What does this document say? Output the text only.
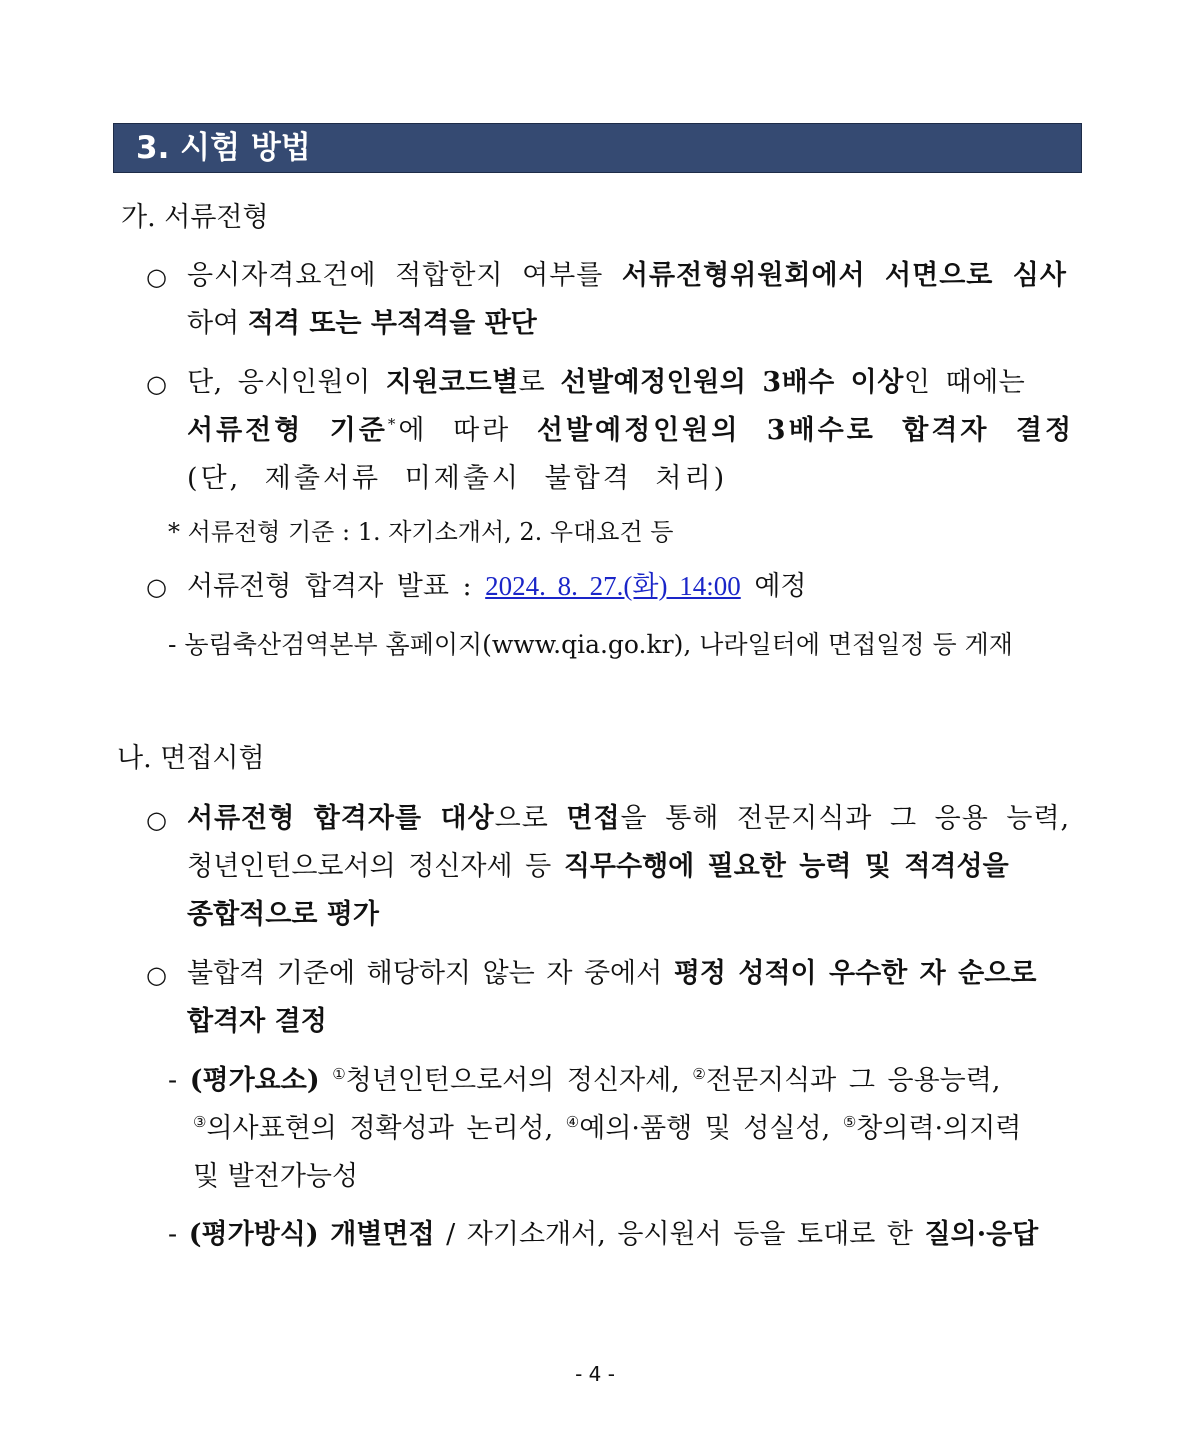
3. 시험 방법
가. 서류전형
○ 응시자격요건에 적합한지 여부를 서류전형위원회에서 서면으로 심사
하여 적격 또는 부적격을 판단
○ 단, 응시인원이 지원코드별로 선발예정인원의 3배수 이상인 때에는
서류전형 기준*에 따라 선발예정인원의 3배수로 합격자 결정
(단, 제출서류 미제출시 불합격 처리)
* 서류전형 기준 : 1. 자기소개서, 2. 우대요건 등
○ 서류전형 합격자 발표 : 2024. 8. 27.(화) 14:00 예정
- 농림축산검역본부 홈페이지(www.qia.go.kr), 나라일터에 면접일정 등 게재
나. 면접시험
○ 서류전형 합격자를 대상으로 면접을 통해 전문지식과 그 응용 능력,
청년인턴으로서의 정신자세 등 직무수행에 필요한 능력 및 적격성을
종합적으로 평가
○ 불합격 기준에 해당하지 않는 자 중에서 평정 성적이 우수한 자 순으로
합격자 결정
- (평가요소) ①청년인턴으로서의 정신자세, ②전문지식과 그 응용능력,
③의사표현의 정확성과 논리성, ④예의·품행 및 성실성, ⑤창의력·의지력
및 발전가능성
- (평가방식) 개별면접 / 자기소개서, 응시원서 등을 토대로 한 질의·응답
- 4 -
